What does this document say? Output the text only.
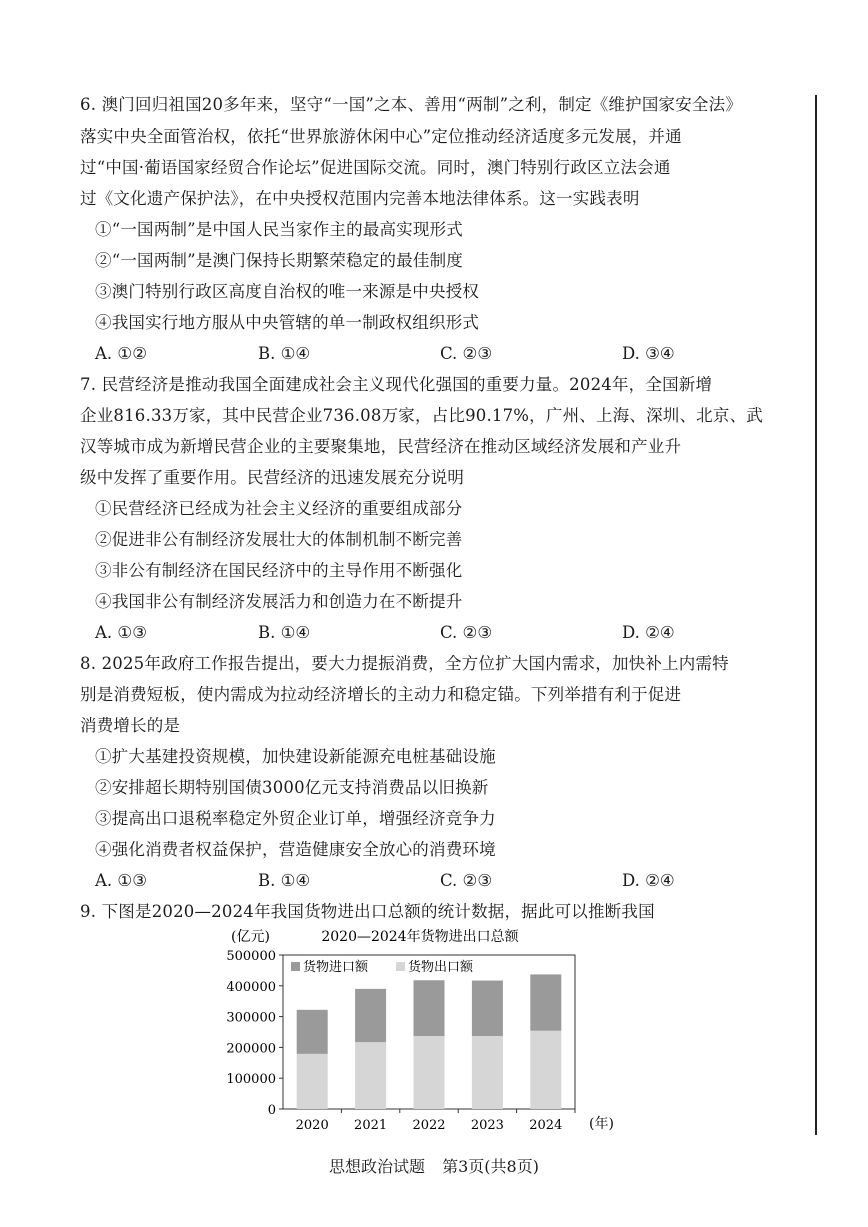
6. 澳门回归祖国20多年来，坚守“一国”之本、善用“两制”之利，制定《维护国家安全法》
落实中央全面管治权，依托“世界旅游休闲中心”定位推动经济适度多元发展，并通
过“中国·葡语国家经贸合作论坛”促进国际交流。同时，澳门特别行政区立法会通
过《文化遗产保护法》，在中央授权范围内完善本地法律体系。这一实践表明
①“一国两制”是中国人民当家作主的最高实现形式
②“一国两制”是澳门保持长期繁荣稳定的最佳制度
③澳门特别行政区高度自治权的唯一来源是中央授权
④我国实行地方服从中央管辖的单一制政权组织形式
A. ①②	B. ①④	C. ②③	D. ③④
7. 民营经济是推动我国全面建成社会主义现代化强国的重要力量。2024年，全国新增
企业816.33万家，其中民营企业736.08万家，占比90.17%，广州、上海、深圳、北京、武
汉等城市成为新增民营企业的主要聚集地，民营经济在推动区域经济发展和产业升
级中发挥了重要作用。民营经济的迅速发展充分说明
①民营经济已经成为社会主义经济的重要组成部分
②促进非公有制经济发展壮大的体制机制不断完善
③非公有制经济在国民经济中的主导作用不断强化
④我国非公有制经济发展活力和创造力在不断提升
A. ①③	B. ①④	C. ②③	D. ②④
8. 2025年政府工作报告提出，要大力提振消费，全方位扩大国内需求，加快补上内需特
别是消费短板，使内需成为拉动经济增长的主动力和稳定锚。下列举措有利于促进
消费增长的是
①扩大基建投资规模，加快建设新能源充电桩基础设施
②安排超长期特别国债3000亿元支持消费品以旧换新
③提高出口退税率稳定外贸企业订单，增强经济竞争力
④强化消费者权益保护，营造健康安全放心的消费环境
A. ①③	B. ①④	C. ②③	D. ②④
9. 下图是2020—2024年我国货物进出口总额的统计数据，据此可以推断我国
2020—2024年货物进出口总额
(亿元)
(年)
0
100000
200000
300000
400000
500000
2020 2021 2022 2023 2024
货物进口额	货物出口额
思想政治试题 第3页(共8页)
